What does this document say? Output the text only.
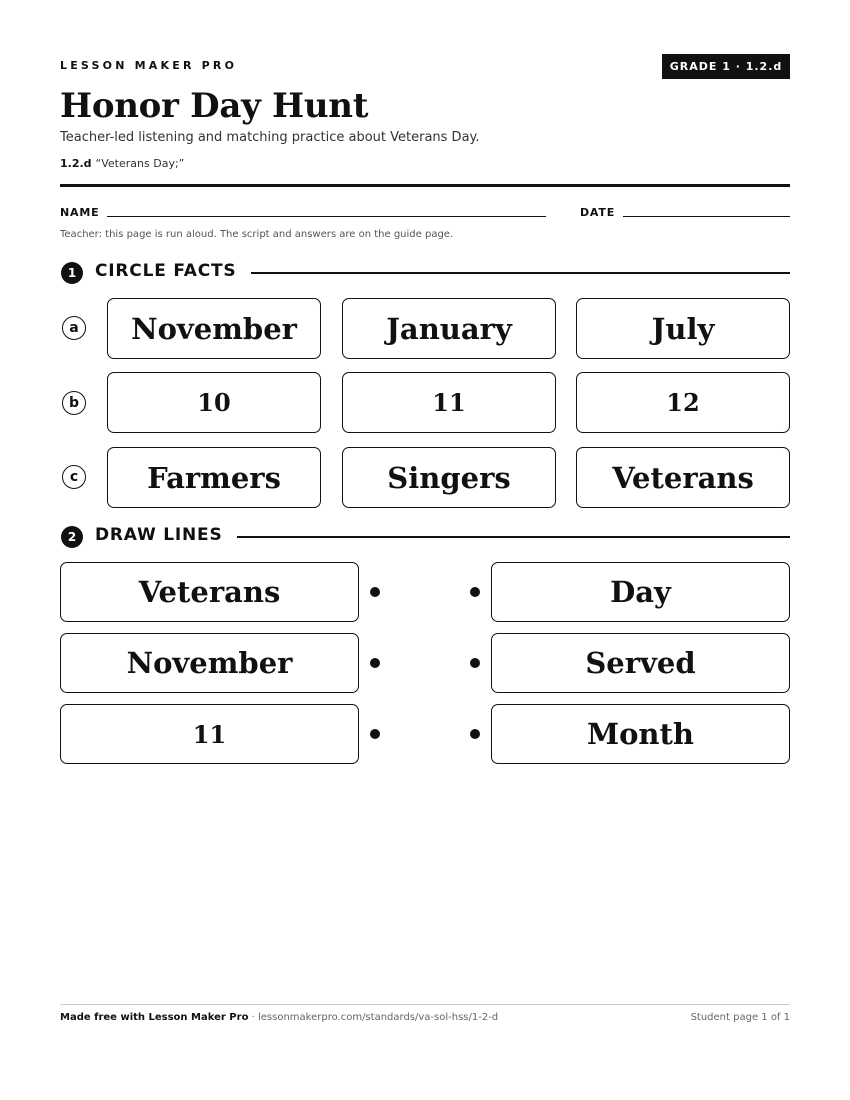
LESSON MAKER PRO	GRADE 1 · 1.2.d
Honor Day Hunt
Teacher-led listening and matching practice about Veterans Day.
1.2.d “Veterans Day;”
NAME	DATE
Teacher: this page is run aloud. The script and answers are on the guide page.
1	CIRCLE FACTS
a	November	January	July
b	10	11	12
c	Farmers	Singers	Veterans
2	DRAW LINES
Veterans	Day
November	Served
11	Month
Made free with Lesson Maker Pro · lessonmakerpro.com/standards/va-sol-hss/1-2-d	Student page 1 of 1
